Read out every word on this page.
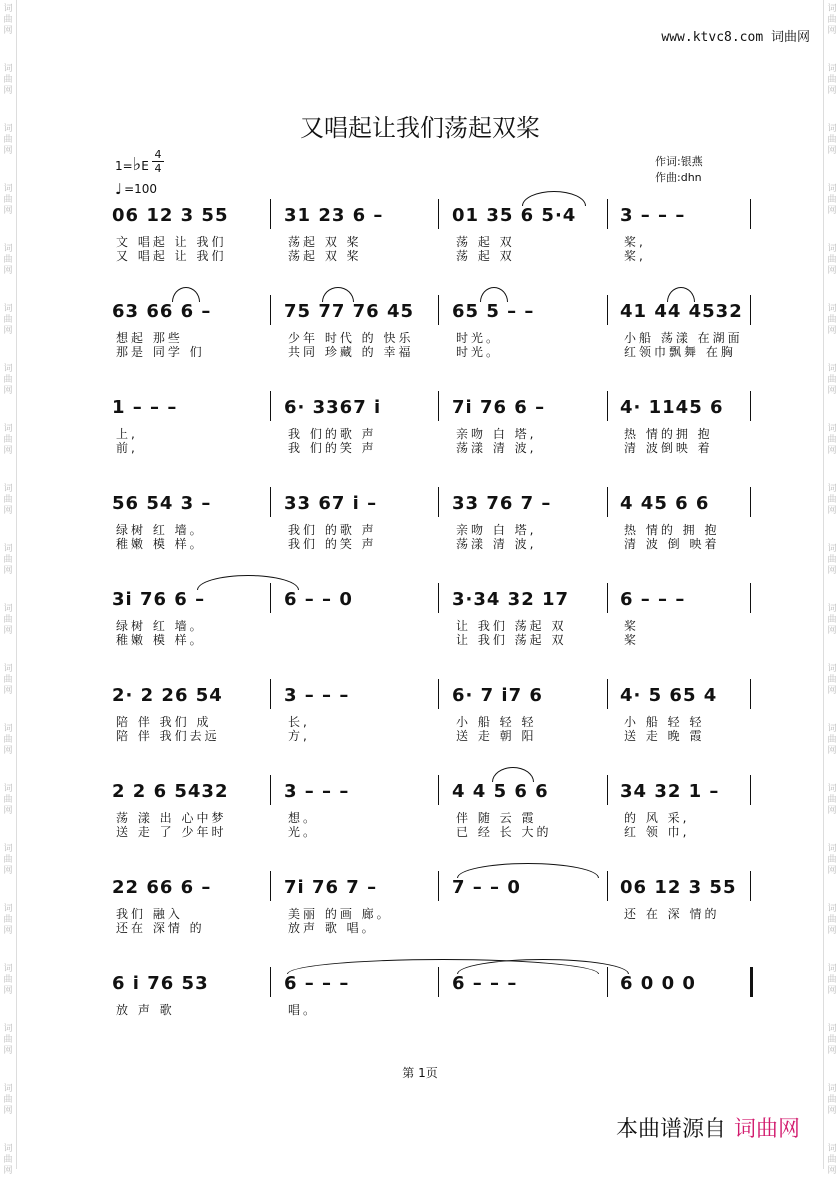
词
曲
网
词
曲
网
词
曲
网
词
曲
网
词
曲
网
词
曲
网
词
曲
网
词
曲
网
词
曲
网
词
曲
网
词
曲
网
词
曲
网
词
曲
网
词
曲
网
词
曲
网
词
曲
网
词
曲
网
词
曲
网
词
曲
网
词
曲
网
词
曲
网
词
曲
网
词
曲
网
词
曲
网
词
曲
网
词
曲
网
词
曲
网
词
曲
网
词
曲
网
词
曲
网
词
曲
网
词
曲
网
词
曲
网
词
曲
网
词
曲
网
词
曲
网
词
曲
网
词
曲
网
词
曲
网
词
曲
网
www.ktvc8.com 词曲网
又唱起让我们荡起双桨
1=♭E
4
4
♩ =100
作词:银燕
作曲:dhn
06 12 3 55
文 唱起 让 我们
又 唱起 让 我们
31 23 6 –
荡起 双 桨
荡起 双 桨
01 35 6 5·4
荡 起 双
荡 起 双
3 – – –
桨,
桨,
63 66 6 –
想起 那些
那是 同学 们
75 77 76 45
少年 时代 的 快乐
共同 珍藏 的 幸福
65 5 – –
时光。
时光。
41 44 4532
小船 荡漾 在湖面
红领巾飘舞 在胸
1 – – –
上,
前,
6· 3367 i
我 们的歌 声
我 们的笑 声
7i 76 6 –
亲吻 白 塔,
荡漾 清 波,
4· 1145 6
热 情的拥 抱
清 波倒映 着
56 54 3 –
绿树 红 墙。
稚嫩 模 样。
33 67 i –
我们 的歌 声
我们 的笑 声
33 76 7 –
亲吻 白 塔,
荡漾 清 波,
4 45 6 6
热 情的 拥 抱
清 波 倒 映着
3i 76 6 –
绿树 红 墙。
稚嫩 模 样。
6 – – 0	3·34 32 17
让 我们 荡起 双
让 我们 荡起 双
6 – – –
桨
桨
2· 2 26 54
陪 伴 我们 成
陪 伴 我们去远
3 – – –
长,
方,
6· 7 i7 6
小 船 轻 轻
送 走 朝 阳
4· 5 65 4
小 船 轻 轻
送 走 晚 霞
2 2 6 5432
荡 漾 出 心中梦
送 走 了 少年时
3 – – –
想。
光。
4 4 5 6 6
伴 随 云 霞
已 经 长 大的
34 32 1 –
的 风 采,
红 领 巾,
22 66 6 –
我们 融入
还在 深情 的
7i 76 7 –
美丽 的画 廊。
放声 歌 唱。
7 – – 0	06 12 3 55
还 在 深 情的
6 i 76 53
放 声 歌
6 – – –
唱。
6 – – –	6 0 0 0
第 1页
本曲谱源自 词曲网
